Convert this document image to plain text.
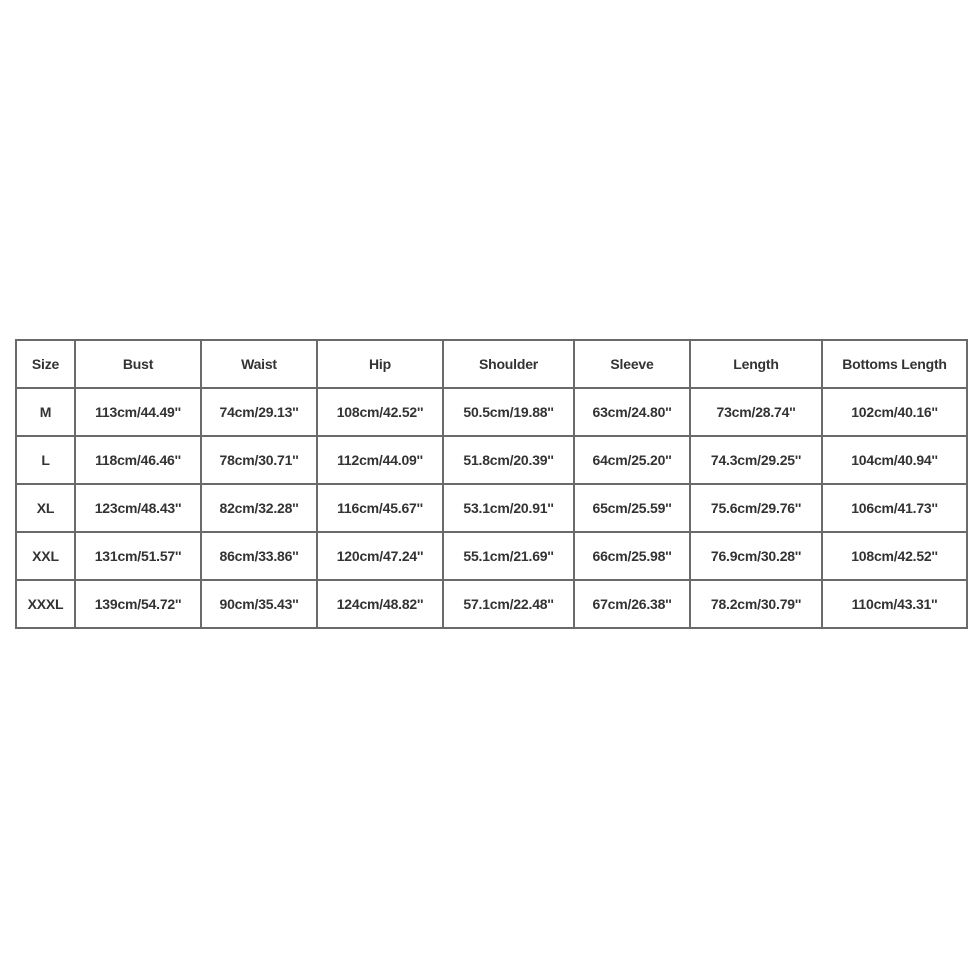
Size	Bust	Waist	Hip	Shoulder	Sleeve	Length	Bottoms Length
M	113cm/44.49''	74cm/29.13''	108cm/42.52''	50.5cm/19.88''	63cm/24.80''	73cm/28.74''	102cm/40.16''
L	118cm/46.46''	78cm/30.71''	112cm/44.09''	51.8cm/20.39''	64cm/25.20''	74.3cm/29.25''	104cm/40.94''
XL	123cm/48.43''	82cm/32.28''	116cm/45.67''	53.1cm/20.91''	65cm/25.59''	75.6cm/29.76''	106cm/41.73''
XXL	131cm/51.57''	86cm/33.86''	120cm/47.24''	55.1cm/21.69''	66cm/25.98''	76.9cm/30.28''	108cm/42.52''
XXXL	139cm/54.72''	90cm/35.43''	124cm/48.82''	57.1cm/22.48''	67cm/26.38''	78.2cm/30.79''	110cm/43.31''
